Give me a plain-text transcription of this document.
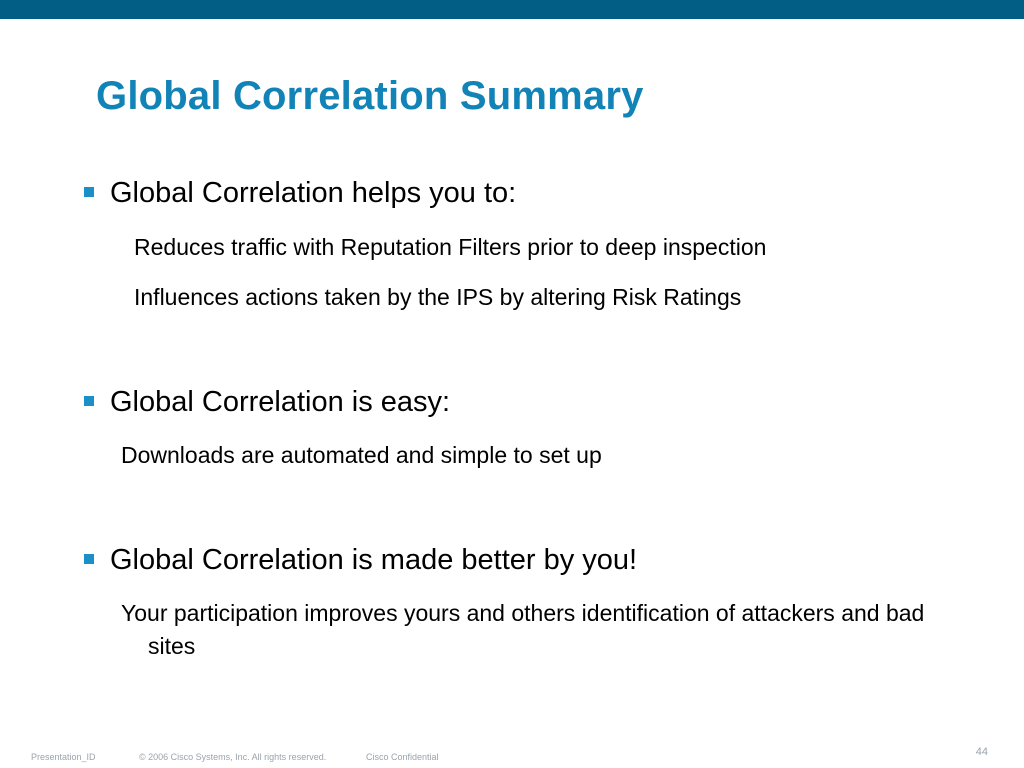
Global Correlation Summary
Global Correlation helps you to:
Reduces traffic with Reputation Filters prior to deep inspection
Influences actions taken by the IPS by altering Risk Ratings
Global Correlation is easy:
Downloads are automated and simple to set up
Global Correlation is made better by you!
Your participation improves yours and others identification of attackers and bad sites
Presentation_ID	© 2006 Cisco Systems, Inc. All rights reserved.	Cisco Confidential	44
